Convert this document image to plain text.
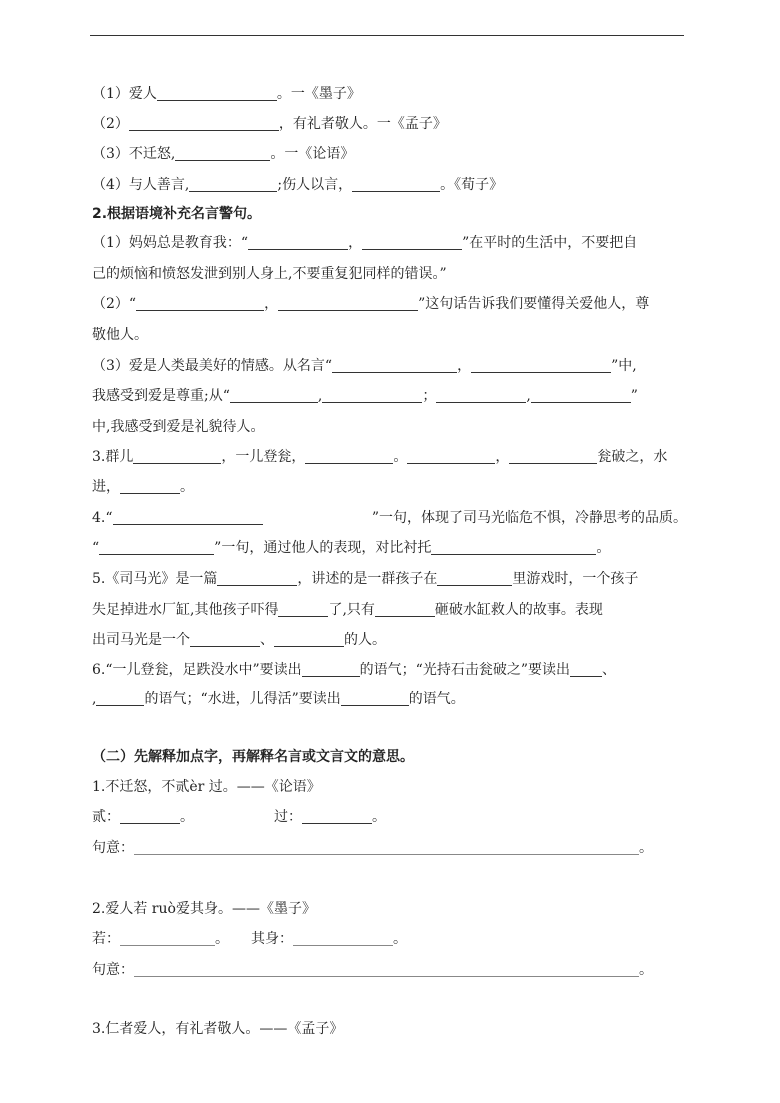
（1）爱人	。一《墨子》
（2）	，有礼者敬人。一《孟子》
（3）不迁怒,	。一《论语》
（4）与人善言,	;伤人以言，	。《荀子》
2.根据语境补充名言警句。
（1）妈妈总是教育我：“	，	”在平时的生活中，不要把自
己的烦恼和愤怒发泄到别人身上,不要重复犯同样的错误。”
（2）“	，	”这句话告诉我们要懂得关爱他人，尊
敬他人。
（3）爱是人类最美好的情感。从名言“	，	”中,
我感受到爱是尊重;从“	,	；	,	”
中,我感受到爱是礼貌待人。
3.群儿	，一儿登瓮，	。	，	瓮破之，水
进，	。
4.“	”一句，体现了司马光临危不惧，冷静思考的品质。
“	”一句，通过他人的表现，对比衬托	。
5.《司马光》是一篇	，讲述的是一群孩子在	里游戏时，一个孩子
失足掉进水厂缸,其他孩子吓得	了,只有	砸破水缸救人的故事。表现
出司马光是一个	、	的人。
6.“一儿登瓮，足跌没水中”要读出	的语气；“光持石击瓮破之”要读出 、
,	的语气；“水进，儿得活”要读出	的语气。
（二）先解释加点字，再解释名言或文言文的意思。
1.不迁怒，不贰èr 过。——《论语》
贰：	。	过：	。
句意：	。
2.爱人若 ruò爱其身。——《墨子》
若：	。 其身：	。
句意：	。
3.仁者爱人，有礼者敬人。——《孟子》
